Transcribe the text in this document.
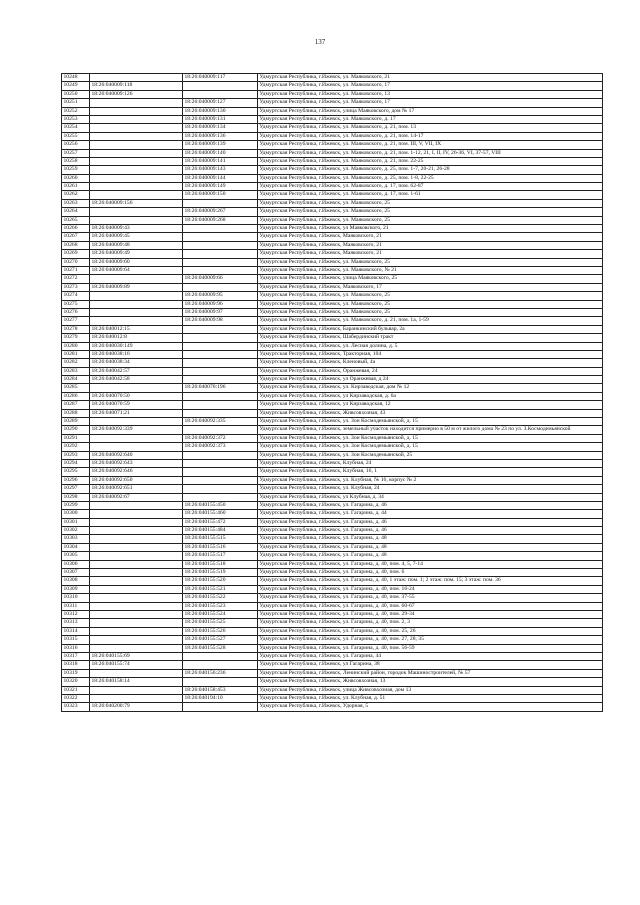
137
10248		18:26:040009:117	Удмуртская Республика, г.Ижевск, ул. Маяковского, 21
10249	18:26:040009:118		Удмуртская Республика, г.Ижевск, ул. Маяковского, 17
10250	18:26:040009:126		Удмуртская Республика, г.Ижевск, ул. Маяковского, 13
10251		18:26:040009:127	Удмуртская Республика, г.Ижевск, ул. Маяковского, 17
10252		18:26:040009:130	Удмуртская Республика, г.Ижевск, улица Маяковского, дом № 17
10253		18:26:040009:131	Удмуртская Республика, г.Ижевск, ул. Маяковского, д. 17
10254		18:26:040009:134	Удмуртская Республика, г.Ижевск, ул. Маяковского, д. 21, пом. 13
10255		18:26:040009:136	Удмуртская Республика, г.Ижевск, ул. Маяковского, д. 21, пом. 14-17
10256		18:26:040009:139	Удмуртская Республика, г.Ижевск, ул. Маяковского, д. 21, пом. III, V, VII, IX
10257		18:26:040009:140	Удмуртская Республика, г.Ижевск, ул. Маяковского, д. 21, пом. 1-12, 21, I, II, IV, 26-36, VI, 37-57, VIII
10258		18:26:040009:141	Удмуртская Республика, г.Ижевск, ул. Маяковского, д. 21, пом. 22-25
10259		18:26:040009:143	Удмуртская Республика, г.Ижевск, ул. Маяковского, д. 25, пом. 1-7, 20-21, 26-28
10260		18:26:040009:144	Удмуртская Республика, г.Ижевск, ул. Маяковского, д. 25, пом. 1-8, 22-25
10261		18:26:040009:149	Удмуртская Республика, г.Ижевск, ул. Маяковского, д. 17, пом. 62-87
10262		18:26:040009:150	Удмуртская Республика, г.Ижевск, ул. Маяковского, д. 17, пом. 1-61
10263	18:26:040009:156		Удмуртская Республика, г.Ижевск, ул. Маяковского, 25
10264		18:26:040009:267	Удмуртская Республика, г.Ижевск, ул. Маяковского, 25
10265		18:26:040009:268	Удмуртская Республика, г.Ижевск, ул. Маяковского, 25
10266	18:26:040009:43		Удмуртская Республика, г.Ижевск, ул Маяковского, 21
10267	18:26:040009:45		Удмуртская Республика, г.Ижевск, Маяковского, 21
10268	18:26:040009:48		Удмуртская Республика, г.Ижевск, Маяковского, 21
10269	18:26:040009:49		Удмуртская Республика, г.Ижевск, Маяковского, 21
10270	18:26:040009:60		Удмуртская Республика, г.Ижевск, ул. Маяковского, 25
10271	18:26:040009:64		Удмуртская Республика, г.Ижевск, ул. Маяковского, № 21
10272		18:26:040009:66	Удмуртская Республика, г.Ижевск, улица Маяковского, 25
10273	18:26:040009:89		Удмуртская Республика, г.Ижевск, Маяковского, 17
10274		18:26:040009:95	Удмуртская Республика, г.Ижевск, ул. Маяковского, 25
10275		18:26:040009:96	Удмуртская Республика, г.Ижевск, ул. Маяковского, 25
10276		18:26:040009:97	Удмуртская Республика, г.Ижевск, ул. Маяковского, 25
10277		18:26:040009:98	Удмуртская Республика, г.Ижевск, ул. Маяковского, д. 21, пом. 1а, 1-59
10278	18:26:040012:15		Удмуртская Республика, г.Ижевск, Баранкинский бульвар, 2а
10279	18:26:040012:8		Удмуртская Республика, г.Ижевск, Шабердинский тракт
10280	18:26:040030:149		Удмуртская Республика, г.Ижевск, ул. Лесная долина, д. 5
10281	18:26:040038:16		Удмуртская Республика, г.Ижевск, Тракторная, 104
10282	18:26:040038:34		Удмуртская Республика, г.Ижевск, Кленовый, 4а
10283	18:26:040042:57		Удмуртская Республика, г.Ижевск, Оранжевая, 24
10284	18:26:040042:58		Удмуртская Республика, г.Ижевск, ул Оранжевая, д 24
10285		18:26:040070:196	Удмуртская Республика, г.Ижевск, ул. Кирзаводская, дом № 12
10286	18:26:040070:50		Удмуртская Республика, г.Ижевск, ул Кирзаводская, д. 6а
10287	18:26:040070:59		Удмуртская Республика, г.Ижевск, ул Кирзаводская, 12
10288	18:26:040071:21		Удмуртская Республика, г.Ижевск, Живсовхозная, 43
10289		18:26:040092:335	Удмуртская Республика, г.Ижевск, ул. Зои Космодемьянской, д. 15
10290	18:26:040092:339		Удмуртская Республика, г.Ижевск, земельный участок находится примерно в 50 м от жилого дома № 23 по ул. З.Космодемьянской
10291		18:26:040092:372	Удмуртская Республика, г.Ижевск, ул. Зои Космодемьянской, д. 15
10292		18:26:040092:373	Удмуртская Республика, г.Ижевск, ул. Зои Космодемьянской, д. 15
10293	18:26:040092:640		Удмуртская Республика, г.Ижевск, ул. Зои Космодемьянской, 25
10294	18:26:040092:643		Удмуртская Республика, г.Ижевск, Клубная, 24
10295	18:26:040092:646		Удмуртская Республика, г.Ижевск, Клубная, 16, 1
10296	18:26:040092:650		Удмуртская Республика, г.Ижевск, ул. Клубная, № 16, корпус № 2
10297	18:26:040092:651		Удмуртская Республика, г.Ижевск, ул. Клубная, 24
10298	18:26:040092:67		Удмуртская Республика, г.Ижевск, ул Клубная, д. 34
10299		18:26:040155:450	Удмуртская Республика, г.Ижевск, ул. Гагарина, д. 46
10300		18:26:040155:460	Удмуртская Республика, г.Ижевск, ул. Гагарина, д. 44
10301		18:26:040155:472	Удмуртская Республика, г.Ижевск, ул. Гагарина, д. 46
10302		18:26:040155:484	Удмуртская Республика, г.Ижевск, ул. Гагарина, д. 46
10303		18:26:040155:515	Удмуртская Республика, г.Ижевск, ул. Гагарина, д. 48
10304		18:26:040155:516	Удмуртская Республика, г.Ижевск, ул. Гагарина, д. 48
10305		18:26:040155:517	Удмуртская Республика, г.Ижевск, ул. Гагарина, д. 48
10306		18:26:040155:518	Удмуртская Республика, г.Ижевск, ул. Гагарина, д. 40, пом. 4, 5, 7-14
10307		18:26:040155:519	Удмуртская Республика, г.Ижевск, ул. Гагарина, д. 40, пом. 6
10308		18:26:040155:520	Удмуртская Республика, г.Ижевск, ул. Гагарина, д. 40, 1 этаж: пом. 1; 2 этаж: пом. 15; 3 этаж: пом. 36
10309		18:26:040155:521	Удмуртская Республика, г.Ижевск, ул. Гагарина, д. 40, пом. 16-24
10310		18:26:040155:522	Удмуртская Республика, г.Ижевск, ул. Гагарина, д. 40, пом. 37-55
10311		18:26:040155:523	Удмуртская Республика, г.Ижевск, ул. Гагарина, д. 40, пом. 60-67
10312		18:26:040155:524	Удмуртская Республика, г.Ижевск, ул. Гагарина, д. 40, пом. 29-34
10313		18:26:040155:525	Удмуртская Республика, г.Ижевск, ул. Гагарина, д. 40, пом. 2, 3
10314		18:26:040155:526	Удмуртская Республика, г.Ижевск, ул. Гагарина, д. 40, пом. 25, 26
10315		18:26:040155:527	Удмуртская Республика, г.Ижевск, ул. Гагарина, д. 40, пом. 27, 28, 35
10316		18:26:040155:528	Удмуртская Республика, г.Ижевск, ул. Гагарина, д. 40, пом. 56-59
10317	18:26:040155:69		Удмуртская Республика, г.Ижевск, ул. Гагарина, 44
10318	18:26:040155:74		Удмуртская Республика, г.Ижевск, ул Гагарина, 38
10319		18:26:040156:236	Удмуртская Республика, г.Ижевск, Ленинский район, городок Машиностроителей, № 57
10320	18:26:040158:14		Удмуртская Республика, г.Ижевск, Живсовхозная, 13
10321		18:26:040158:453	Удмуртская Республика, г.Ижевск, улица Живсовхозная, дом 13
10322		18:26:040194:10	Удмуртская Республика, г.Ижевск, ул. Клубная, д. 51
10323	18:26:040200:79		Удмуртская Республика, г.Ижевск, Удорная, 5
